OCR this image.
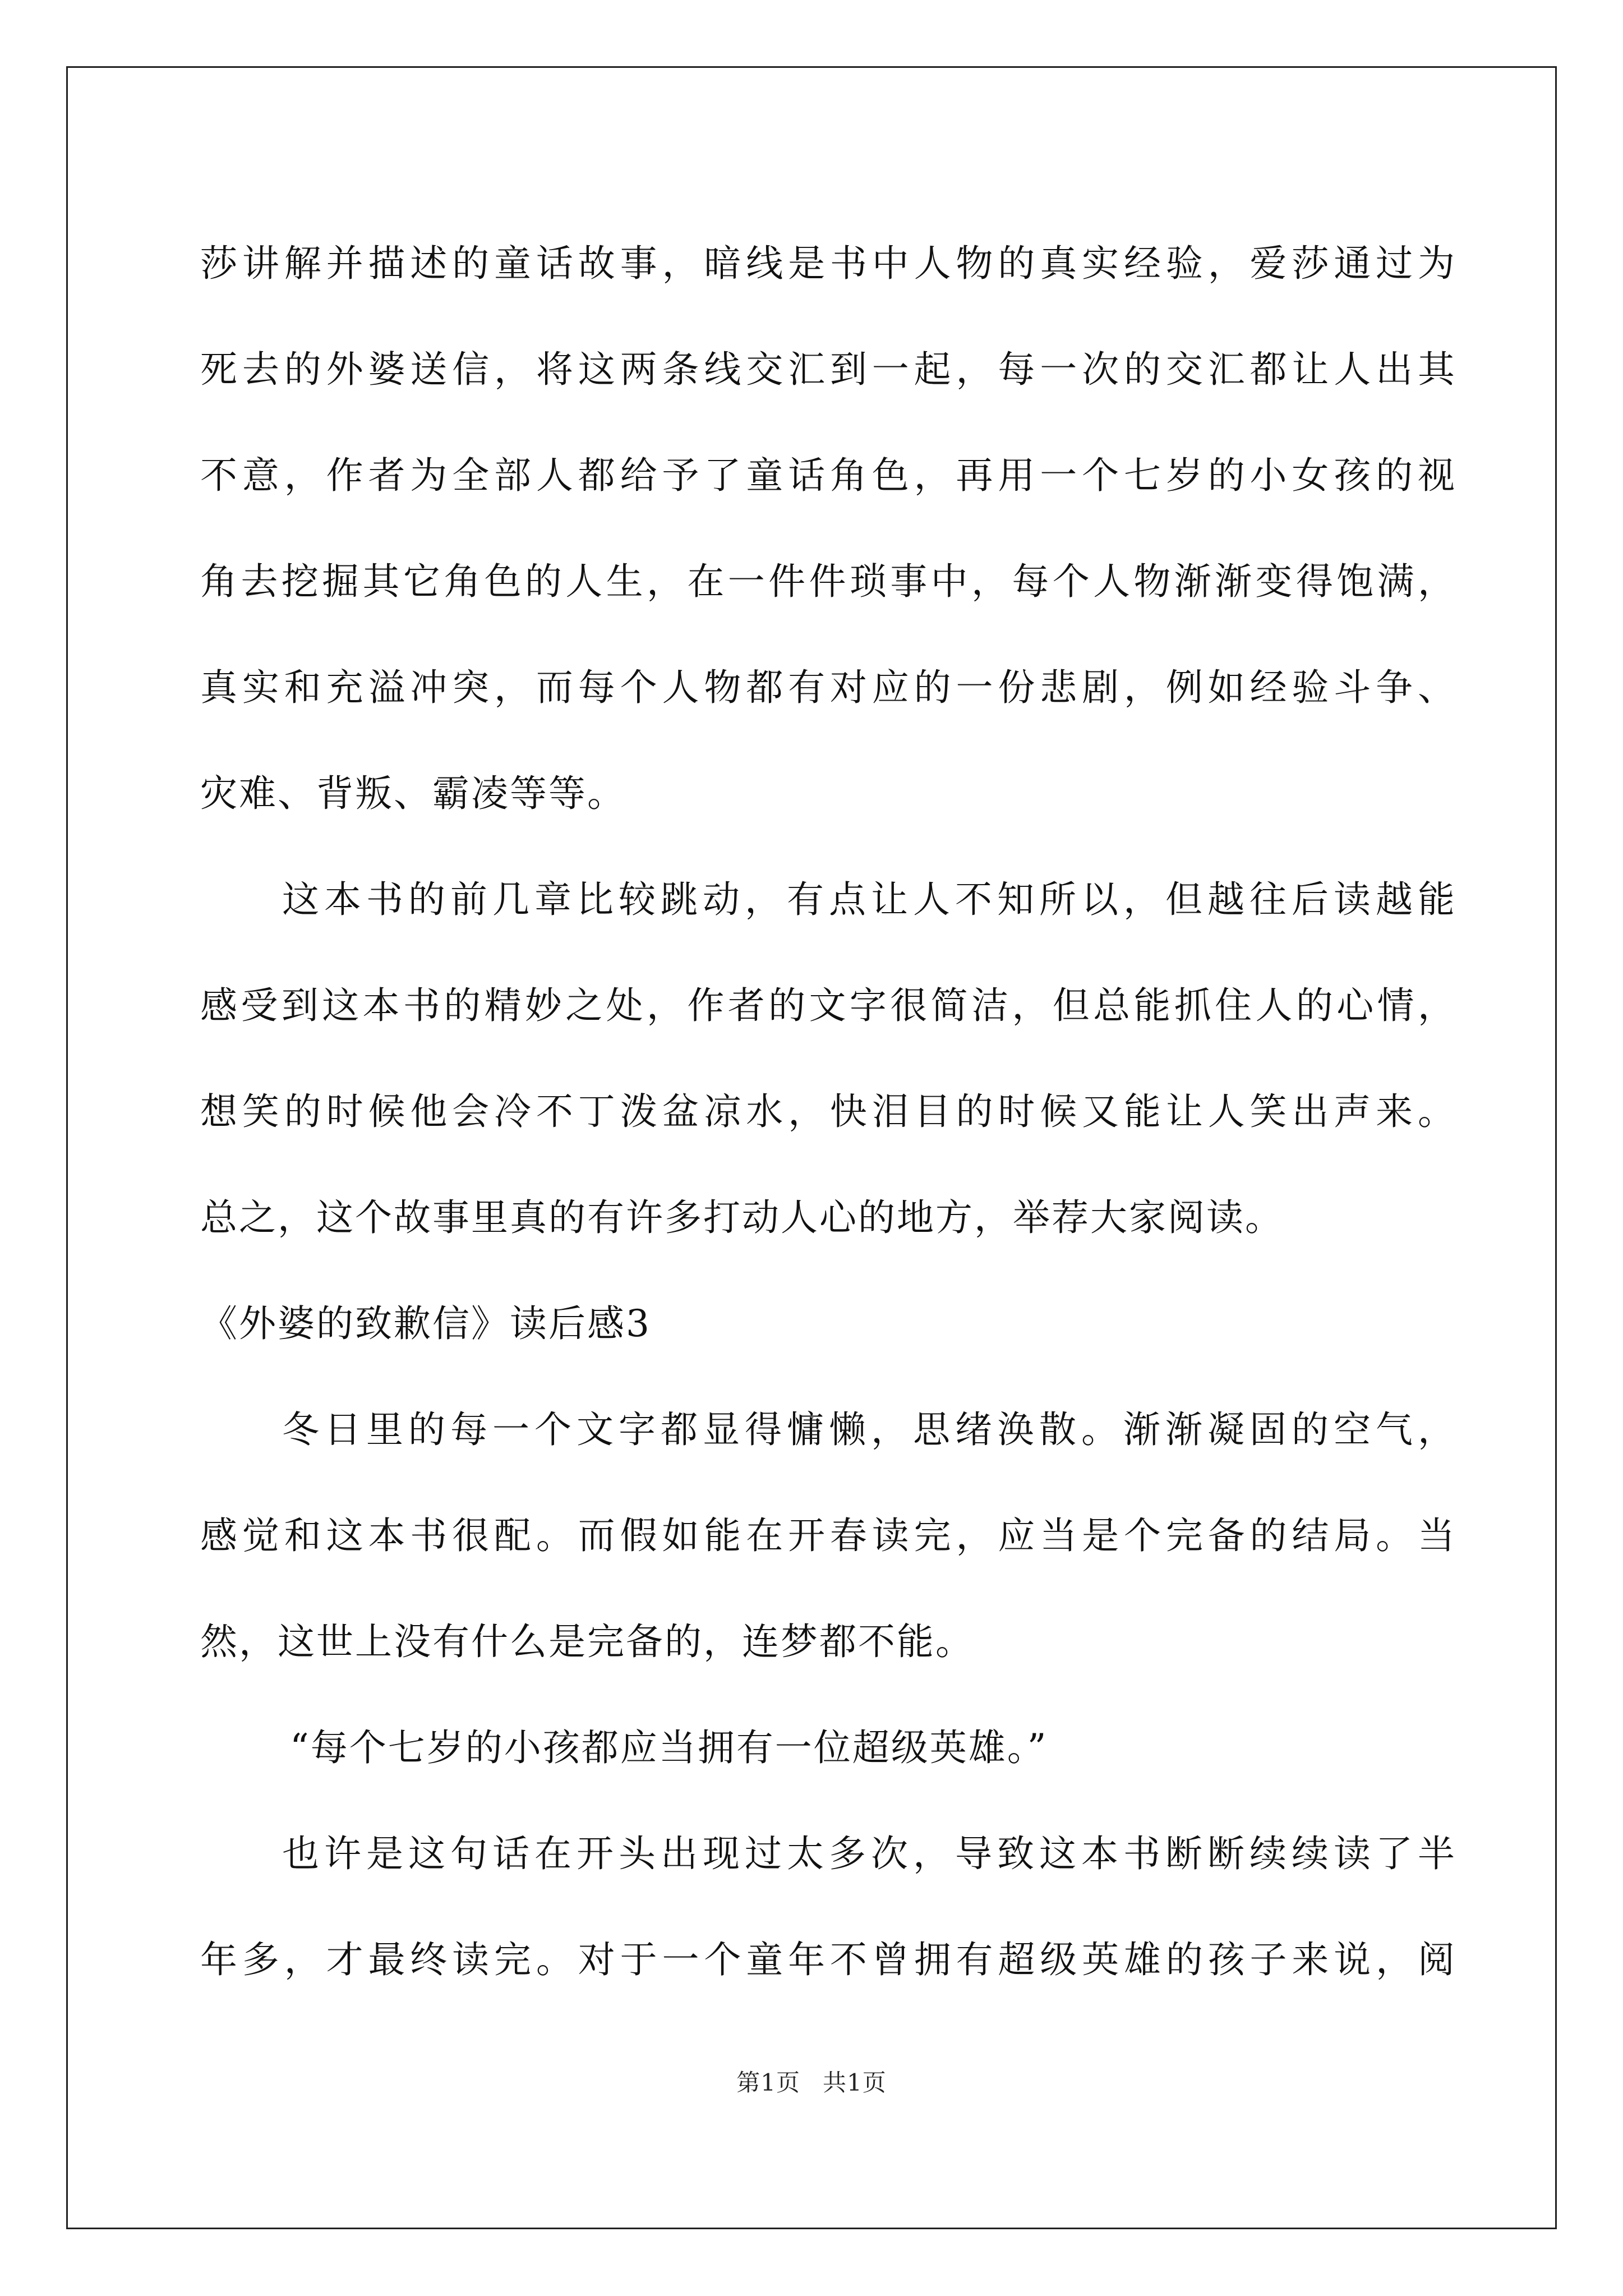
莎讲解并描述的童话故事，暗线是书中人物的真实经验，爱莎通过为
死去的外婆送信，将这两条线交汇到一起，每一次的交汇都让人出其
不意，作者为全部人都给予了童话角色，再用一个七岁的小女孩的视
角去挖掘其它角色的人生，在一件件琐事中，每个人物渐渐变得饱满，
真实和充溢冲突，而每个人物都有对应的一份悲剧，例如经验斗争、
灾难、背叛、霸凌等等。
这本书的前几章比较跳动，有点让人不知所以，但越往后读越能
感受到这本书的精妙之处，作者的文字很简洁，但总能抓住人的心情，
想笑的时候他会冷不丁泼盆凉水，快泪目的时候又能让人笑出声来。
总之，这个故事里真的有许多打动人心的地方，举荐大家阅读。
《外婆的致歉信》读后感3
冬日里的每一个文字都显得慵懒，思绪涣散。渐渐凝固的空气，
感觉和这本书很配。而假如能在开春读完，应当是个完备的结局。当
然，这世上没有什么是完备的，连梦都不能。
“每个七岁的小孩都应当拥有一位超级英雄。”
也许是这句话在开头出现过太多次，导致这本书断断续续读了半
年多，才最终读完。对于一个童年不曾拥有超级英雄的孩子来说，阅
第1页 共1页
